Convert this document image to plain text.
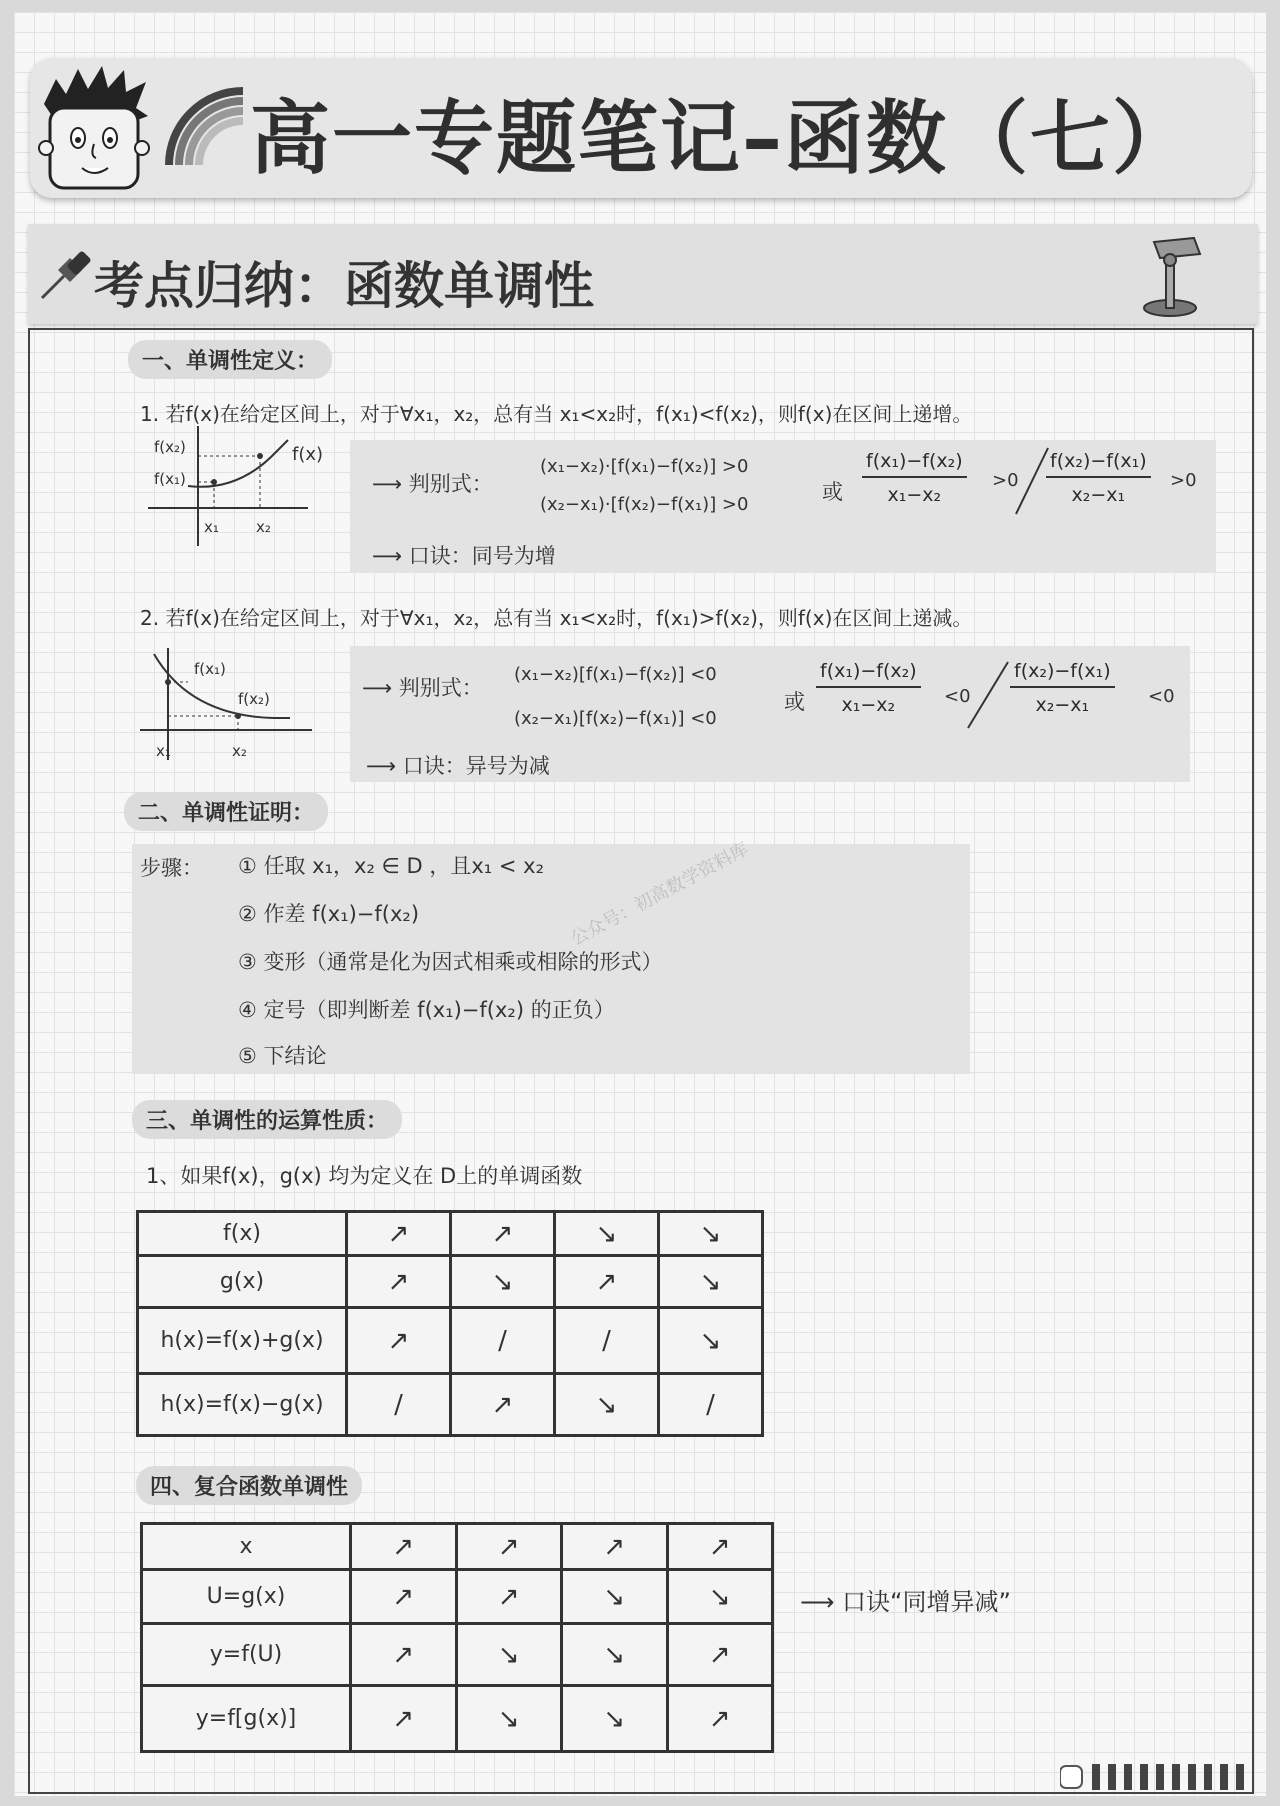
高一专题笔记–函数（七）
考点归纳：函数单调性
一、单调性定义：
1. 若f(x)在给定区间上，对于∀x₁，x₂，总有当 x₁<x₂时，f(x₁)<f(x₂)，则f(x)在区间上递增。
f(x₂)
f(x₁)
f(x)
x₁ x₂
⟶ 判别式：
(x₁−x₂)·[f(x₁)−f(x₂)] >0
(x₂−x₁)·[f(x₂)−f(x₁)] >0
或 $\frac{\text{f(x₁)−f(x₂)}}{\text{x₁−x₂}} >0 \frac{\text{f(x₂)−f(x₁)}}{\text{x₂−x₁}} >0$
⟶ 口诀：同号为增
2. 若f(x)在给定区间上，对于∀x₁，x₂，总有当 x₁<x₂时，f(x₁)>f(x₂)，则f(x)在区间上递减。
f(x₁)
f(x₂)
x₁	x₂
⟶ 判别式：
(x₁−x₂)[f(x₁)−f(x₂)] <0
(x₂−x₁)[f(x₂)−f(x₁)] <0
或 $\frac{\text{f(x₁)−f(x₂)}}{\text{x₁−x₂}} <0 \frac{\text{f(x₂)−f(x₁)}}{\text{x₂−x₁}} <0$
⟶ 口诀：异号为减
二、单调性证明：
步骤： ① 任取 x₁，x₂ ∈ D ，且x₁ < x₂
② 作差 f(x₁)−f(x₂)
③ 变形（通常是化为因式相乘或相除的形式）
④ 定号（即判断差 f(x₁)−f(x₂) 的正负）
⑤ 下结论
公众号：初高数学资料库
三、单调性的运算性质：
1、如果f(x)，g(x) 均为定义在 D上的单调函数
f(x)	↗	↗	↘	↘
g(x)	↗	↘	↗	↘
h(x)=f(x)+g(x)	↗	/	/	↘
h(x)=f(x)−g(x)	/	↗	↘	/
四、复合函数单调性
x	↗	↗	↗	↗
U=g(x)	↗	↗	↘	↘
y=f(U)	↗	↘	↘	↗
y=f[g(x)]	↗	↘	↘	↗
⟶ 口诀“同增异减”
